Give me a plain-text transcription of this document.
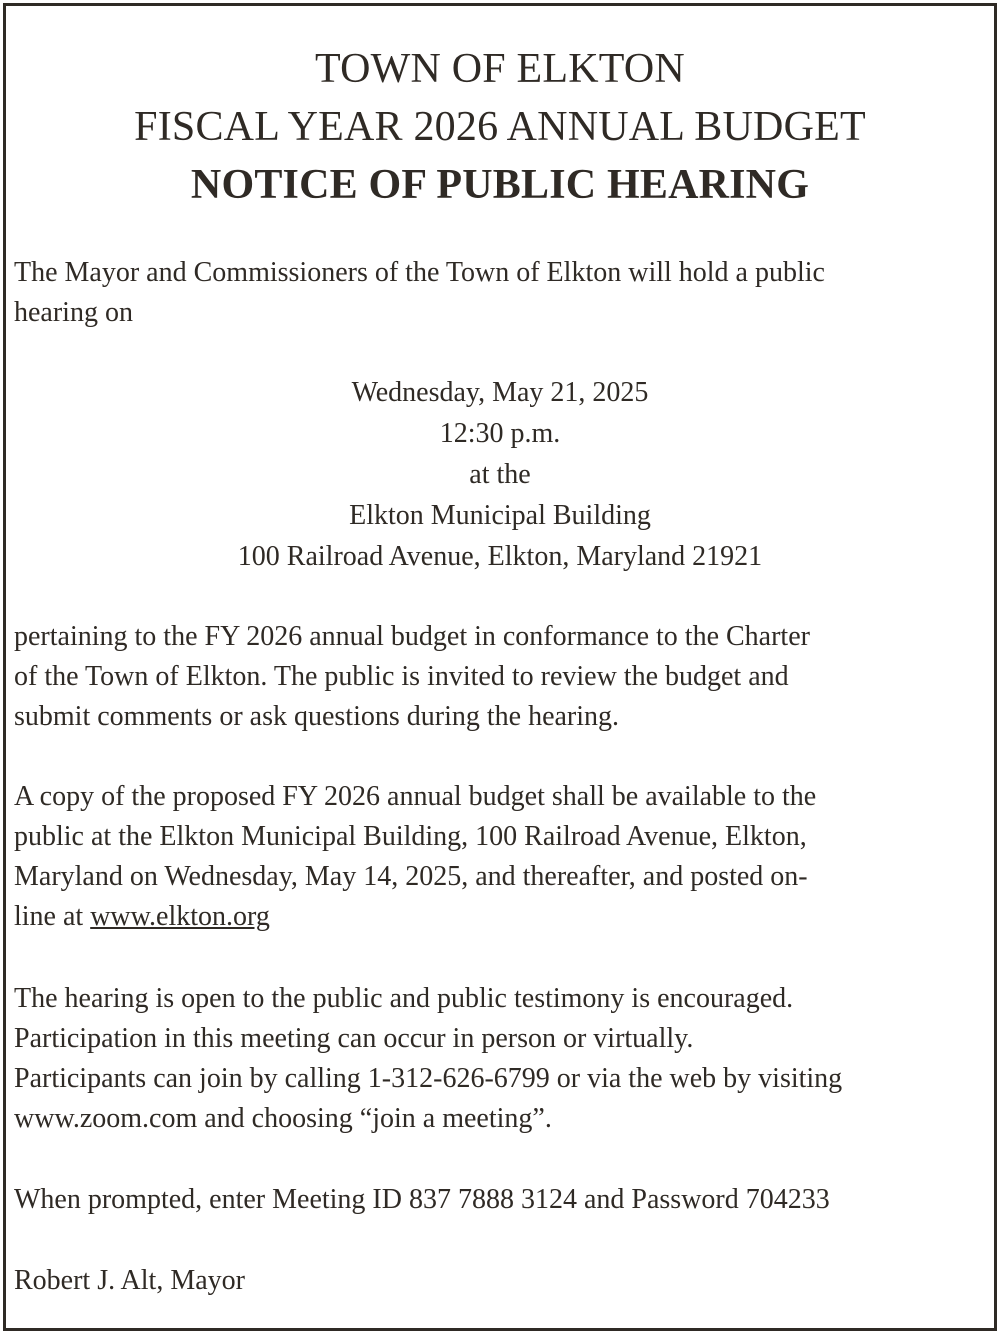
TOWN OF ELKTON
FISCAL YEAR 2026 ANNUAL BUDGET
NOTICE OF PUBLIC HEARING
The Mayor and Commissioners of the Town of Elkton will hold a public
hearing on
Wednesday, May 21, 2025
12:30 p.m.
at the
Elkton Municipal Building
100 Railroad Avenue, Elkton, Maryland 21921
pertaining to the FY 2026 annual budget in conformance to the Charter
of the Town of Elkton. The public is invited to review the budget and
submit comments or ask questions during the hearing.
A copy of the proposed FY 2026 annual budget shall be available to the
public at the Elkton Municipal Building, 100 Railroad Avenue, Elkton,
Maryland on Wednesday, May 14, 2025, and thereafter, and posted on-
line at www.elkton.org
The hearing is open to the public and public testimony is encouraged.
Participation in this meeting can occur in person or virtually.
Participants can join by calling 1-312-626-6799 or via the web by visiting
www.zoom.com and choosing “join a meeting”.
When prompted, enter Meeting ID 837 7888 3124 and Password 704233
Robert J. Alt, Mayor
